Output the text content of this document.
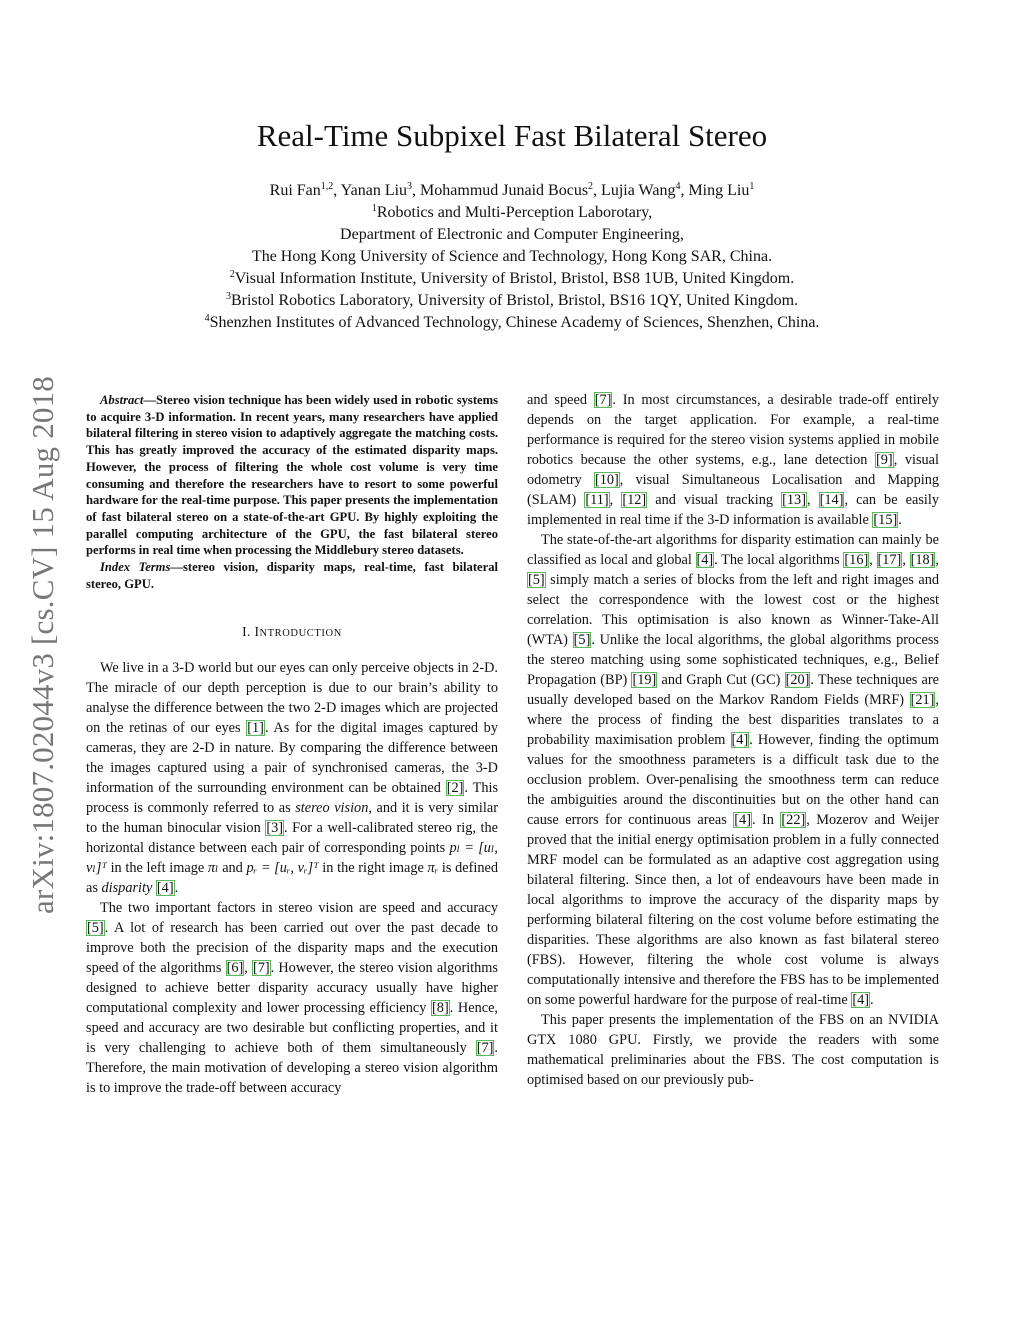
arXiv:1807.02044v3 [cs.CV] 15 Aug 2018
Real-Time Subpixel Fast Bilateral Stereo
Rui Fan$^{1,2}$, Yanan Liu$^3$, Mohammud Junaid Bocus$^2$, Lujia Wang$^4$, Ming Liu$^1$
$^1$Robotics and Multi-Perception Laborotary,
Department of Electronic and Computer Engineering,
The Hong Kong University of Science and Technology, Hong Kong SAR, China.
$^2$Visual Information Institute, University of Bristol, Bristol, BS8 1UB, United Kingdom.
$^3$Bristol Robotics Laboratory, University of Bristol, Bristol, BS16 1QY, United Kingdom.
$^4$Shenzhen Institutes of Advanced Technology, Chinese Academy of Sciences, Shenzhen, China.

Abstract—Stereo vision technique has been widely used in robotic systems to acquire 3-D information. In recent years, many researchers have applied bilateral filtering in stereo vision to adaptively aggregate the matching costs. This has greatly improved the accuracy of the estimated disparity maps. However, the process of filtering the whole cost volume is very time consuming and therefore the researchers have to resort to some powerful hardware for the real-time purpose. This paper presents the implementation of fast bilateral stereo on a state-of-the-art GPU. By highly exploiting the parallel computing architecture of the GPU, the fast bilateral stereo performs in real time when processing the Middlebury stereo datasets.

Index Terms—stereo vision, disparity maps, real-time, fast bilateral stereo, GPU.
I. INTRODUCTION

We live in a 3-D world but our eyes can only perceive objects in 2-D. The miracle of our depth perception is due to our brain’s ability to analyse the difference between the two 2-D images which are projected on the retinas of our eyes [1]. As for the digital images captured by cameras, they are 2-D in nature. By comparing the difference between the images captured using a pair of synchronised cameras, the 3-D information of the surrounding environment can be obtained [2]. This process is commonly referred to as stereo vision, and it is very similar to the human binocular vision [3]. For a well-calibrated stereo rig, the horizontal distance between each pair of corresponding points pₗ = [uₗ, vₗ]ᵀ in the left image πₗ and pᵣ = [uᵣ, vᵣ]ᵀ in the right image πᵣ is defined as disparity [4].

The two important factors in stereo vision are speed and accuracy [5]. A lot of research has been carried out over the past decade to improve both the precision of the disparity maps and the execution speed of the algorithms [6], [7]. However, the stereo vision algorithms designed to achieve better disparity accuracy usually have higher computational complexity and lower processing efficiency [8]. Hence, speed and accuracy are two desirable but conflicting properties, and it is very challenging to achieve both of them simultaneously [7]. Therefore, the main motivation of developing a stereo vision algorithm is to improve the trade-off between accuracy

and speed [7]. In most circumstances, a desirable trade-off entirely depends on the target application. For example, a real-time performance is required for the stereo vision systems applied in mobile robotics because the other systems, e.g., lane detection [9], visual odometry [10], visual Simultaneous Localisation and Mapping (SLAM) [11], [12] and visual tracking [13], [14], can be easily implemented in real time if the 3-D information is available [15].

The state-of-the-art algorithms for disparity estimation can mainly be classified as local and global [4]. The local algorithms [16], [17], [18], [5] simply match a series of blocks from the left and right images and select the correspondence with the lowest cost or the highest correlation. This optimisation is also known as Winner-Take-All (WTA) [5]. Unlike the local algorithms, the global algorithms process the stereo matching using some sophisticated techniques, e.g., Belief Propagation (BP) [19] and Graph Cut (GC) [20]. These techniques are usually developed based on the Markov Random Fields (MRF) [21], where the process of finding the best disparities translates to a probability maximisation problem [4]. However, finding the optimum values for the smoothness parameters is a difficult task due to the occlusion problem. Over-penalising the smoothness term can reduce the ambiguities around the discontinuities but on the other hand can cause errors for continuous areas [4]. In [22], Mozerov and Weijer proved that the initial energy optimisation problem in a fully connected MRF model can be formulated as an adaptive cost aggregation using bilateral filtering. Since then, a lot of endeavours have been made in local algorithms to improve the accuracy of the disparity maps by performing bilateral filtering on the cost volume before estimating the disparities. These algorithms are also known as fast bilateral stereo (FBS). However, filtering the whole cost volume is always computationally intensive and therefore the FBS has to be implemented on some powerful hardware for the purpose of real-time [4].

This paper presents the implementation of the FBS on an NVIDIA GTX 1080 GPU. Firstly, we provide the readers with some mathematical preliminaries about the FBS. The cost computation is optimised based on our previously pub-
